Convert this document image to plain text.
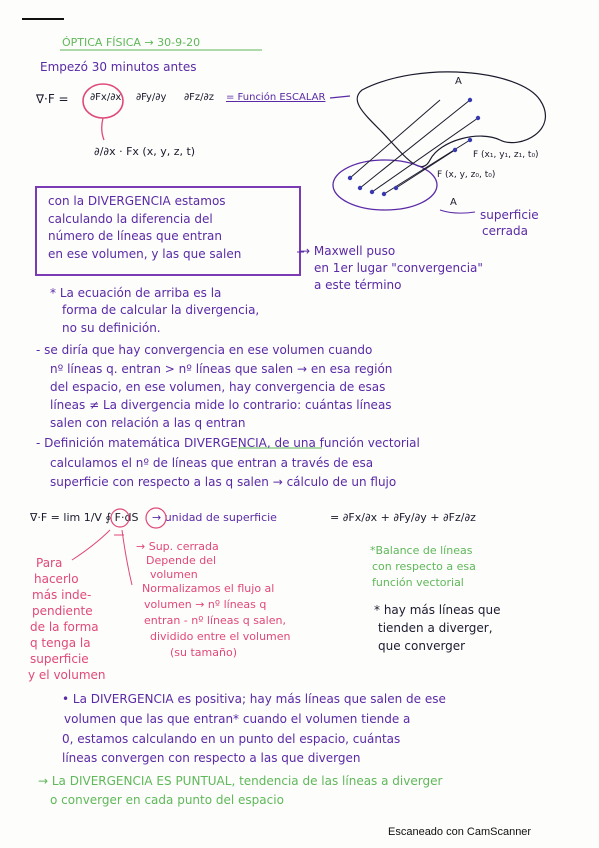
ÓPTICA FÍSICA → 30-9-20
Empezó 30 minutos antes
∇·F = ∂Fx/∂x ∂Fy/∂y ∂Fz/∂z = Función ESCALAR
∂/∂x · Fx (x, y, z, t)
A
A
F (x₁, y₁, z₁, t₀)
F (x, y, z₀, t₀)
superficie
cerrada
con la DIVERGENCIA estamos
calculando la diferencia del
número de líneas que entran
en ese volumen, y las que salen	→ Maxwell puso
en 1er lugar "convergencia"
a este término
* La ecuación de arriba es la
forma de calcular la divergencia,
no su definición.
- se diría que hay convergencia en ese volumen cuando
nº líneas q. entran > nº líneas que salen → en esa región
del espacio, en ese volumen, hay convergencia de esas
líneas ≠ La divergencia mide lo contrario: cuántas líneas
salen con relación a las q entran
- Definición matemática DIVERGENCIA, de una función vectorial
calculamos el nº de líneas que entran a través de esa
superficie con respecto a las q salen → cálculo de un flujo
∇·F = lim 1/V ∮ F·dS → unidad de superficie	= ∂Fx/∂x + ∂Fy/∂y + ∂Fz/∂z
Para
hacerlo
más inde-
pendiente
de la forma
q tenga la
superficie
y el volumen
→ Sup. cerrada
Depende del
volumen
Normalizamos el flujo al
volumen → nº líneas q
entran - nº líneas q salen,
dividido entre el volumen
(su tamaño)
*Balance de líneas
con respecto a esa
función vectorial
* hay más líneas que
tienden a diverger,
que converger
• La DIVERGENCIA es positiva; hay más líneas que salen de ese
volumen que las que entran* cuando el volumen tiende a
0, estamos calculando en un punto del espacio, cuántas
líneas convergen con respecto a las que divergen
→ La DIVERGENCIA ES PUNTUAL, tendencia de las líneas a diverger
o converger en cada punto del espacio
Escaneado con CamScanner
